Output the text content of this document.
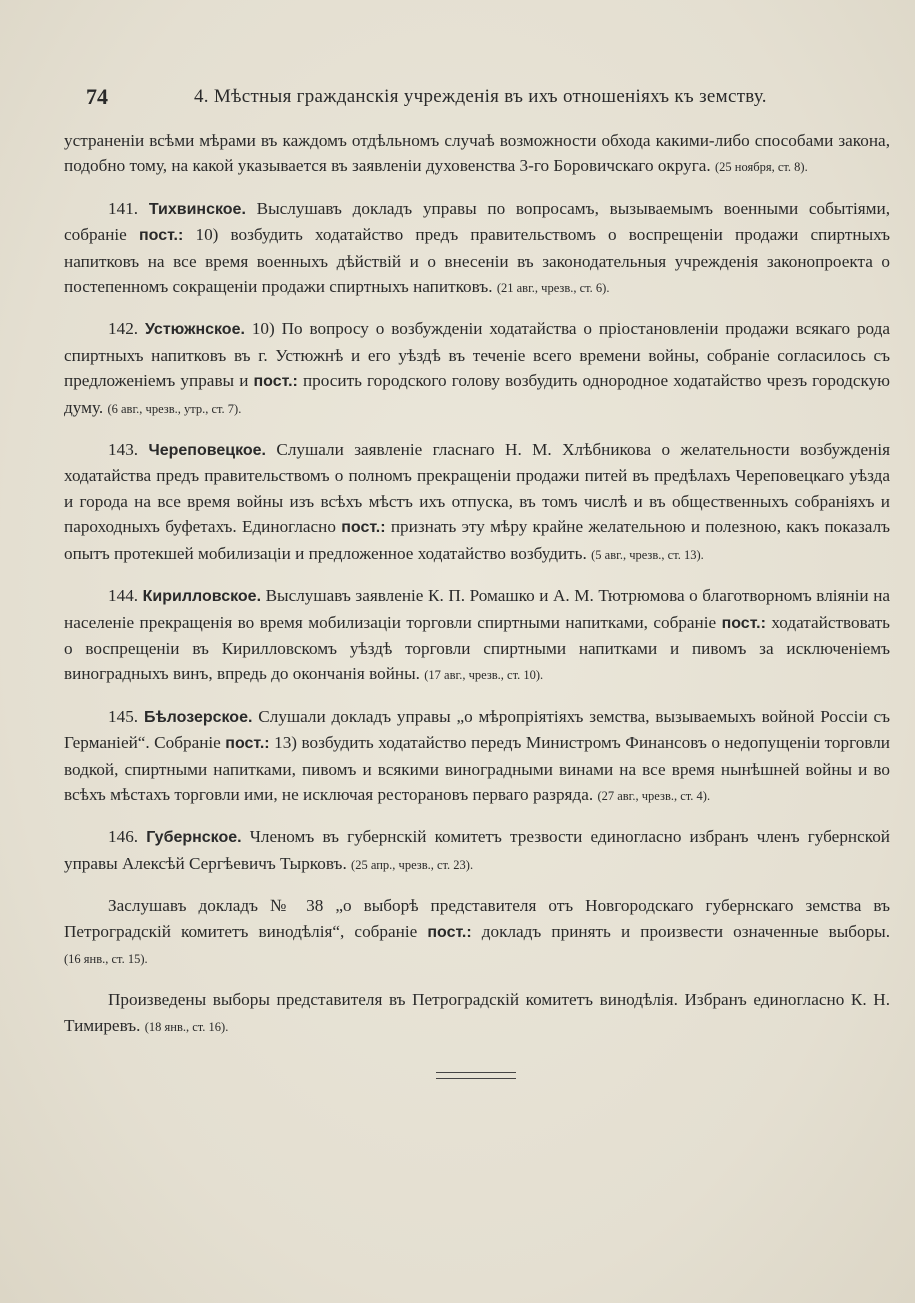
74	4. Мѣстныя гражданскія учрежденія въ ихъ отношеніяхъ къ земству.

устраненіи всѣми мѣрами въ каждомъ отдѣльномъ случаѣ возможности обхода какими-либо способами закона, подобно тому, на какой указывается въ заявленіи духовенства 3-го Боровичскаго округа. (25 ноября, ст. 8).

141. Тихвинское. Выслушавъ докладъ управы по вопросамъ, вызываемымъ военными событіями, собраніе пост.: 10) возбудить ходатайство предъ правительствомъ о воспрещеніи продажи спиртныхъ напитковъ на все время военныхъ дѣйствій и о внесеніи въ законодательныя учрежденія законопроекта о постепенномъ сокращеніи продажи спиртныхъ напитковъ. (21 авг., чрезв., ст. 6).

142. Устюжнское. 10) По вопросу о возбужденіи ходатайства о пріостановленіи продажи всякаго рода спиртныхъ напитковъ въ г. Устюжнѣ и его уѣздѣ въ теченіе всего времени войны, собраніе согласилось съ предложеніемъ управы и пост.: просить городского голову возбудить однородное ходатайство чрезъ городскую думу. (6 авг., чрезв., утр., ст. 7).

143. Череповецкое. Слушали заявленіе гласнаго Н. М. Хлѣбникова о желательности возбужденія ходатайства предъ правительствомъ о полномъ прекращеніи продажи питей въ предѣлахъ Череповецкаго уѣзда и города на все время войны изъ всѣхъ мѣстъ ихъ отпуска, въ томъ числѣ и въ общественныхъ собраніяхъ и пароходныхъ буфетахъ. Единогласно пост.: признать эту мѣру крайне желательною и полезною, какъ показалъ опытъ протекшей мобилизаціи и предложенное ходатайство возбудить. (5 авг., чрезв., ст. 13).

144. Кирилловское. Выслушавъ заявленіе К. П. Ромашко и А. М. Тютрюмова о благотворномъ вліяніи на населеніе прекращенія во время мобилизаціи торговли спиртными напитками, собраніе пост.: ходатайствовать о воспрещеніи въ Кирилловскомъ уѣздѣ торговли спиртными напитками и пивомъ за исключеніемъ виноградныхъ винъ, впредь до окончанія войны. (17 авг., чрезв., ст. 10).

145. Бѣлозерское. Слушали докладъ управы „о мѣропріятіяхъ земства, вызываемыхъ войной Россіи съ Германіей“. Собраніе пост.: 13) возбудить ходатайство передъ Министромъ Финансовъ о недопущеніи торговли водкой, спиртными напитками, пивомъ и всякими виноградными винами на все время нынѣшней войны и во всѣхъ мѣстахъ торговли ими, не исключая ресторановъ перваго разряда. (27 авг., чрезв., ст. 4).

146. Губернское. Членомъ въ губернскій комитетъ трезвости единогласно избранъ членъ губернской управы Алексѣй Сергѣевичъ Тырковъ. (25 апр., чрезв., ст. 23).

Заслушавъ докладъ № 38 „о выборѣ представителя отъ Новгородскаго губернскаго земства въ Петроградскій комитетъ винодѣлія“, собраніе пост.: докладъ принять и произвести означенные выборы. (16 янв., ст. 15).

Произведены выборы представителя въ Петроградскій комитетъ винодѣлія. Избранъ единогласно К. Н. Тимиревъ. (18 янв., ст. 16).
